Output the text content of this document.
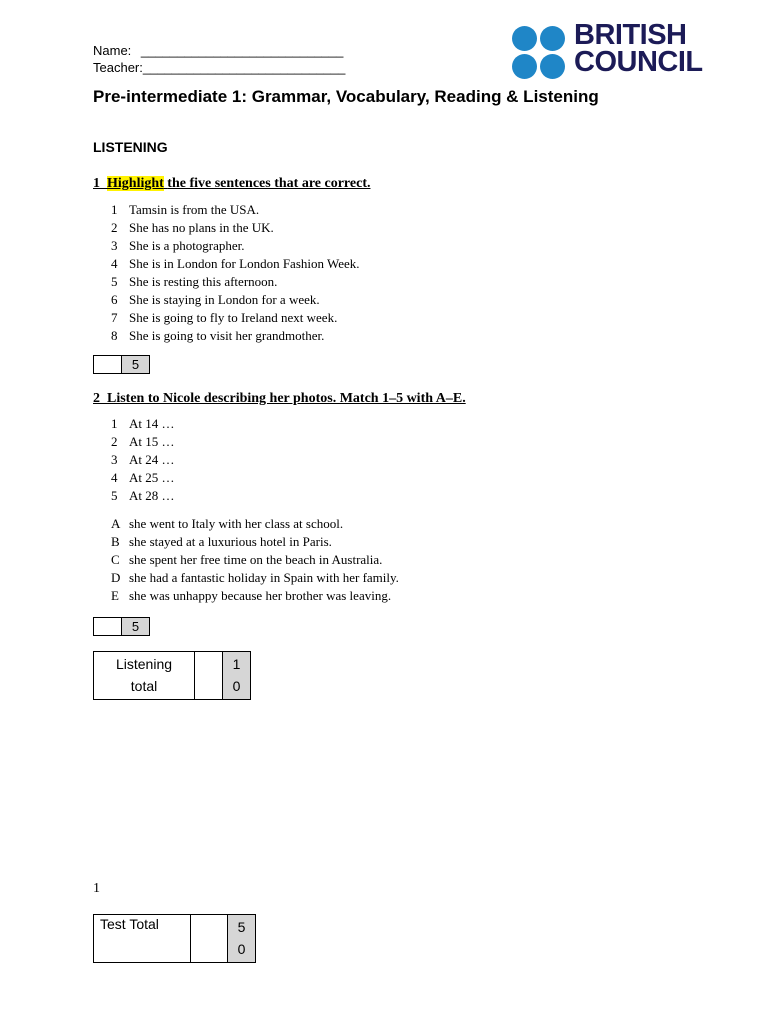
Name: ____________________________
Teacher:____________________________
BRITISH
COUNCIL
Pre-intermediate 1: Grammar, Vocabulary, Reading & Listening
LISTENING
1 Highlight the five sentences that are correct.
1 Tamsin is from the USA.
2 She has no plans in the UK.
3 She is a photographer.
4 She is in London for London Fashion Week.
5 She is resting this afternoon.
6 She is staying in London for a week.
7 She is going to fly to Ireland next week.
8 She is going to visit her grandmother.
5
2 Listen to Nicole describing her photos. Match 1–5 with A–E.
1 At 14 …
2 At 15 …
3 At 24 …
4 At 25 …
5 At 28 …
A she went to Italy with her class at school.
B she stayed at a luxurious hotel in Paris.
C she spent her free time on the beach in Australia.
D she had a fantastic holiday in Spain with her family.
E she was unhappy because her brother was leaving.
5
Listening
total
1
0
1
Test Total	5
0
